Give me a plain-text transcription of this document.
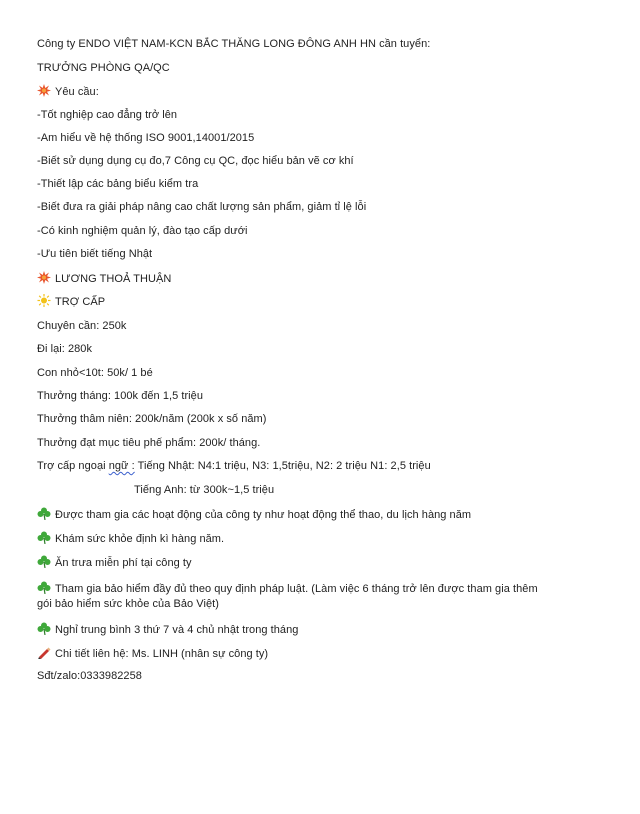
Công ty ENDO VIỆT NAM-KCN BẮC THĂNG LONG ĐÔNG ANH HN cần tuyển:
TRƯỞNG PHÒNG QA/QC
Yêu cầu:
-Tốt nghiệp cao đẳng trở lên
-Am hiểu về hệ thống ISO 9001,14001/2015
-Biết sử dụng dụng cụ đo,7 Công cụ QC, đọc hiểu bản vẽ cơ khí
-Thiết lập các bảng biểu kiểm tra
-Biết đưa ra giải pháp nâng cao chất lượng sản phẩm, giảm tỉ lệ lỗi
-Có kinh nghiệm quản lý, đào tạo cấp dưới
-Ưu tiên biết tiếng Nhật
LƯƠNG THOẢ THUẬN
TRỢ CẤP
Chuyên cần: 250k
Đi lại: 280k
Con nhỏ<10t: 50k/ 1 bé
Thưởng tháng: 100k đến 1,5 triệu
Thưởng thâm niên: 200k/năm (200k x số năm)
Thưởng đạt mục tiêu phế phẩm: 200k/ tháng.
Trợ cấp ngoại ngữ : Tiếng Nhật: N4:1 triệu, N3: 1,5triệu, N2: 2 triệu N1: 2,5 triệu
Tiếng Anh: từ 300k~1,5 triệu
Được tham gia các hoạt động của công ty như hoạt động thể thao, du lịch hàng năm
Khám sức khỏe định kì hàng năm.
Ăn trưa miễn phí tại công ty
Tham gia bảo hiểm đầy đủ theo quy định pháp luật. (Làm việc 6 tháng trở lên được tham gia thêm
gói bảo hiểm sức khỏe của Bảo Việt)
Nghỉ trung bình 3 thứ 7 và 4 chủ nhật trong tháng
Chi tiết liên hệ: Ms. LINH (nhân sự công ty)
Sđt/zalo:0333982258
